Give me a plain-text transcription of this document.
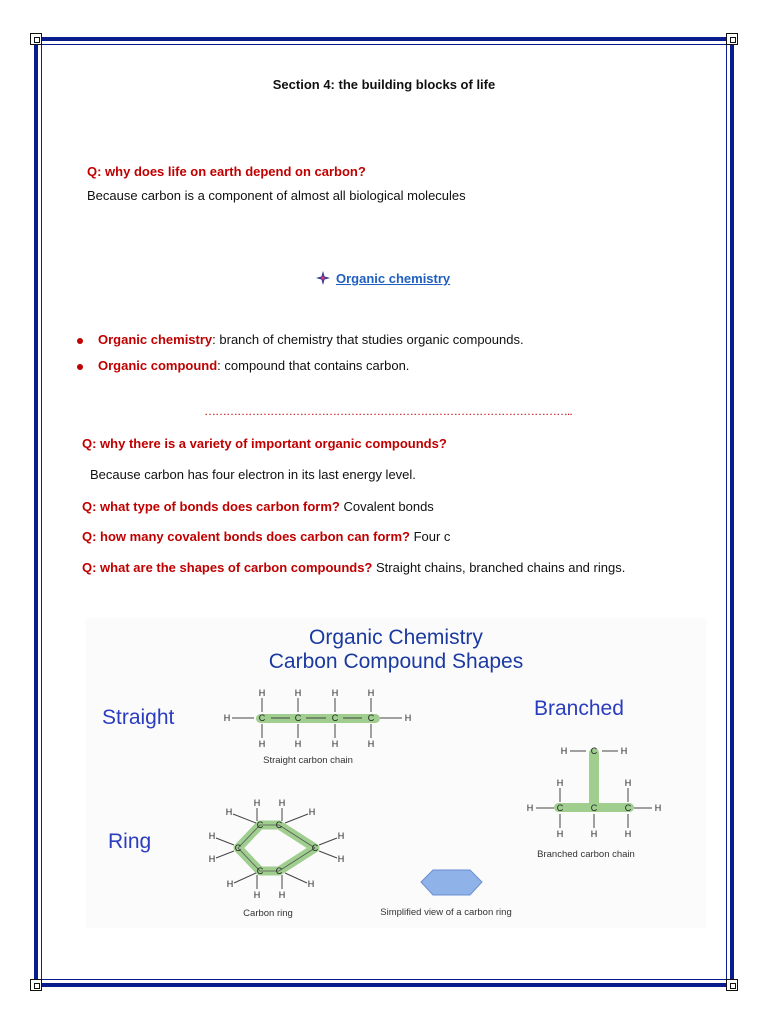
Section 4: the building blocks of life
Q: why does life on earth depend on carbon?
Because carbon is a component of almost all biological molecules
Organic chemistry
Organic chemistry: branch of chemistry that studies organic compounds.
Organic compound: compound that contains carbon.
………………………………………………………………………………………..
Q: why there is a variety of important organic compounds?
Because carbon has four electron in its last energy level.
Q: what type of bonds does carbon form? Covalent bonds
Q: how many covalent bonds does carbon can form? Four c
Q: what are the shapes of carbon compounds? Straight chains, branched chains and rings.
Organic Chemistry
Carbon Compound Shapes
Straight	Branched
Ring
C	C	C	C
H	H
H	H	H	H
H	H	H	H
Straight carbon chain
C
C	C	C
H	H
H	H
H	H
H	H	H
Branched carbon chain
C C
C
C
C
C
H H
H	H
H
H
H
H
H H
H	H
Carbon ring	Simplified view of a carbon ring
